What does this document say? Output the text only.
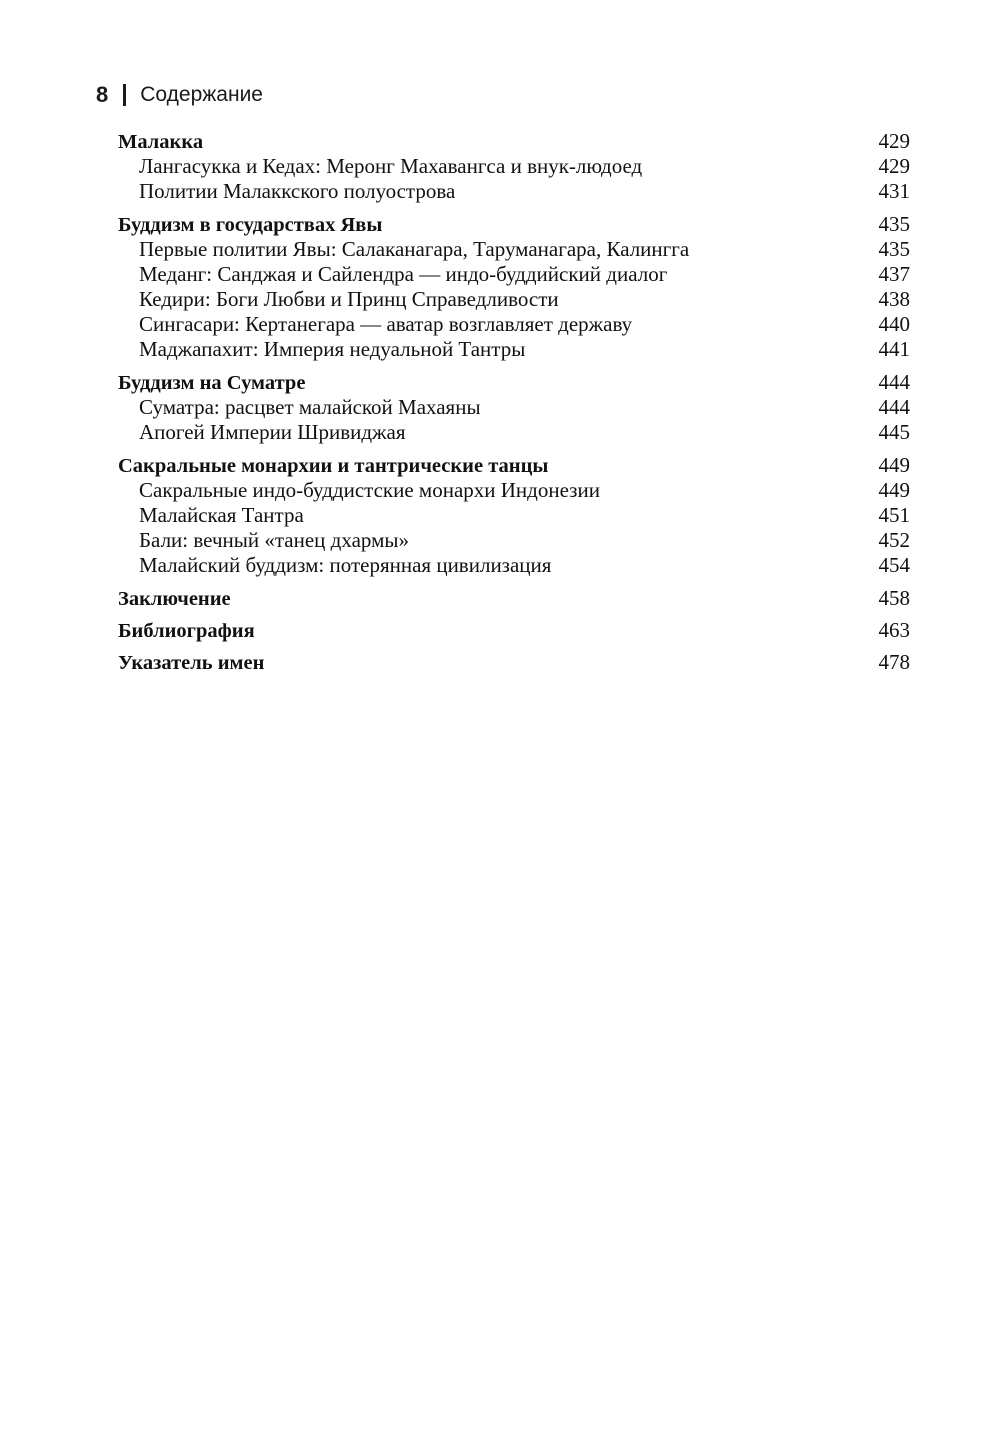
8 Содержание
Малакка	429
Лангасукка и Кедах: Меронг Махавангса и внук-людоед	429
Политии Малаккского полуострова	431
Буддизм в государствах Явы	435
Первые политии Явы: Салаканагара, Таруманагара, Калингга	435
Меданг: Санджая и Сайлендра — индо-буддийский диалог	437
Кедири: Боги Любви и Принц Справедливости	438
Сингасари: Кертанегара — аватар возглавляет державу	440
Маджапахит: Империя недуальной Тантры	441
Буддизм на Суматре	444
Суматра: расцвет малайской Махаяны	444
Апогей Империи Шривиджая	445
Сакральные монархии и тантрические танцы	449
Сакральные индо-буддистские монархи Индонезии	449
Малайская Тантра	451
Бали: вечный «танец дхармы»	452
Малайский буддизм: потерянная цивилизация	454
Заключение	458
Библиография	463
Указатель имен	478
